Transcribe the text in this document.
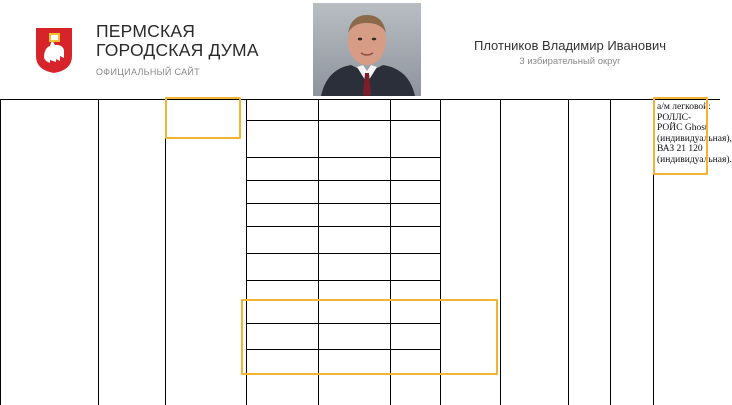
ПЕРМСКАЯ
ГОРОДСКАЯ ДУМА
ОФИЦИАЛЬНЫЙ САЙТ
Плотников Владимир Иванович
3 избирательный округ
а/м легковой:
РОЛЛС-РОЙС Ghost
(индивидуальная), ВАЗ 21 120 (индивидуальная).
